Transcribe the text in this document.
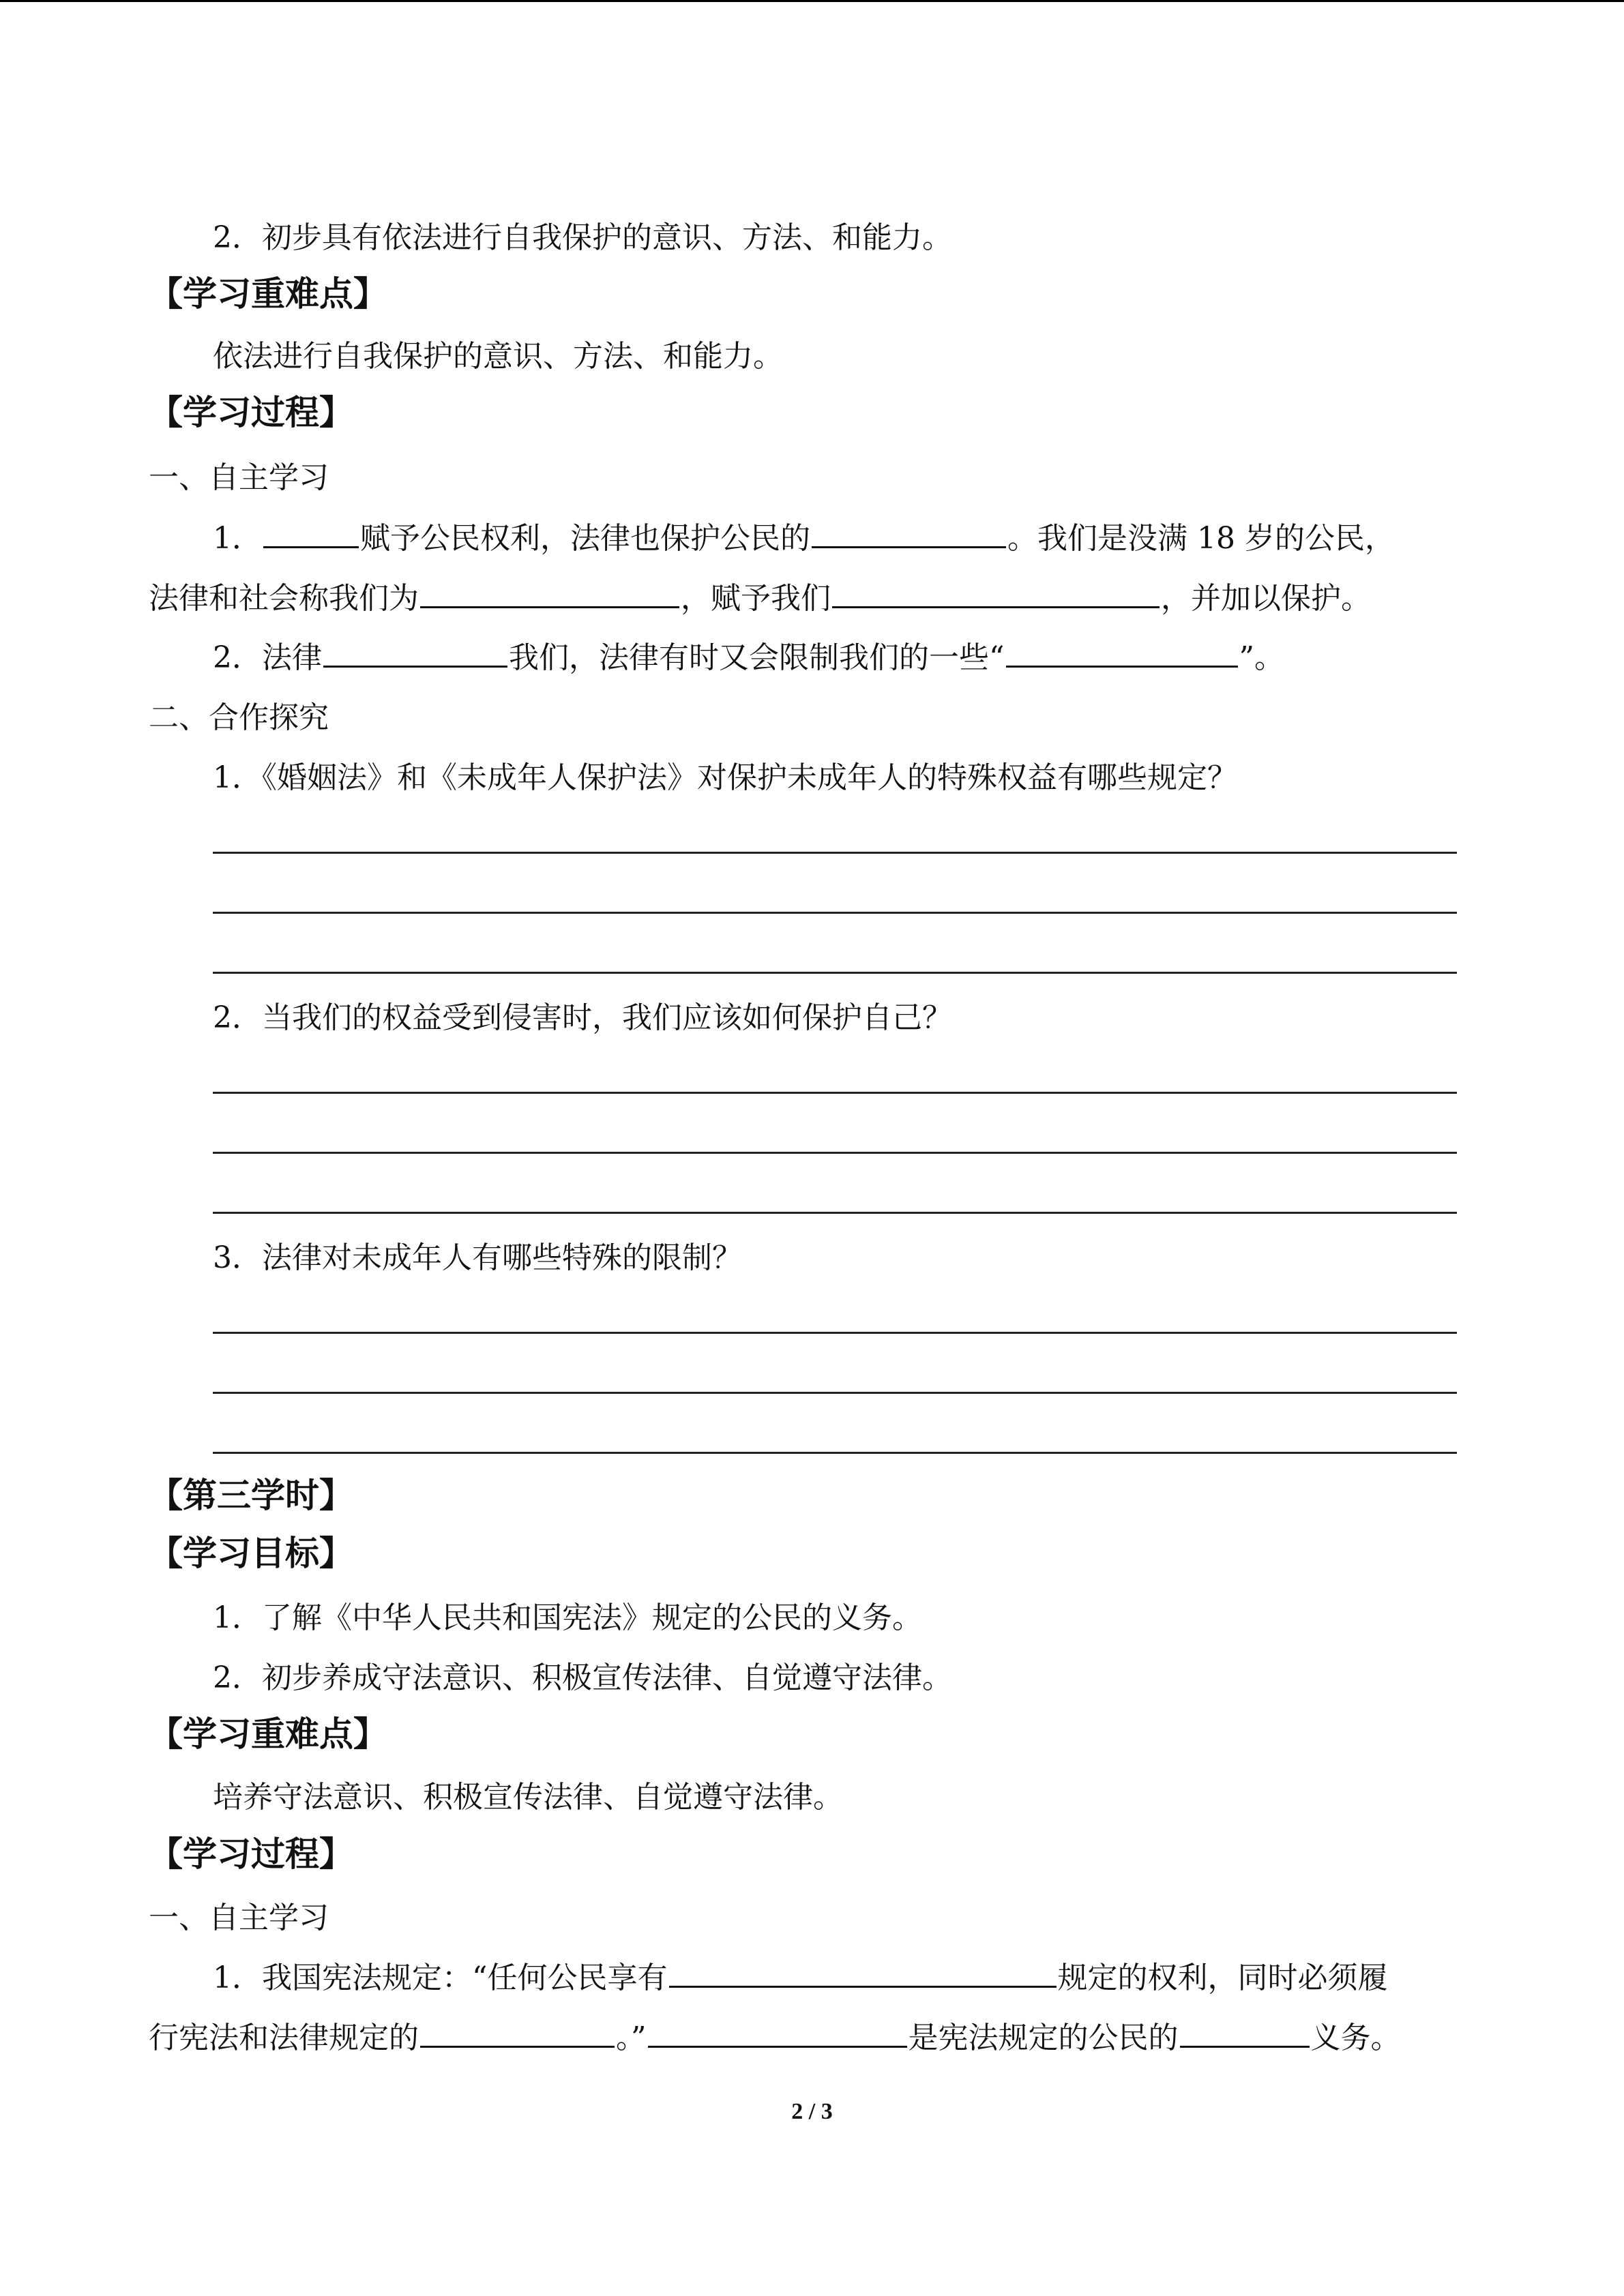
2．初步具有依法进行自我保护的意识、方法、和能力。
【学习重难点】
依法进行自我保护的意识、方法、和能力。
【学习过程】
一、自主学习
1．	赋予公民权利，法律也保护公民的	。我们是没满 18 岁的公民，
法律和社会称我们为	，赋予我们	，并加以保护。
2．法律	我们，法律有时又会限制我们的一些“	”。
二、合作探究
1．《婚姻法》和《未成年人保护法》对保护未成年人的特殊权益有哪些规定？
2．当我们的权益受到侵害时，我们应该如何保护自己？
3．法律对未成年人有哪些特殊的限制？
【第三学时】
【学习目标】
1．了解《中华人民共和国宪法》规定的公民的义务。
2．初步养成守法意识、积极宣传法律、自觉遵守法律。
【学习重难点】
培养守法意识、积极宣传法律、自觉遵守法律。
【学习过程】
一、自主学习
1．我国宪法规定：“任何公民享有	规定的权利，同时必须履
行宪法和法律规定的	。”	是宪法规定的公民的	义务。
2 / 3
